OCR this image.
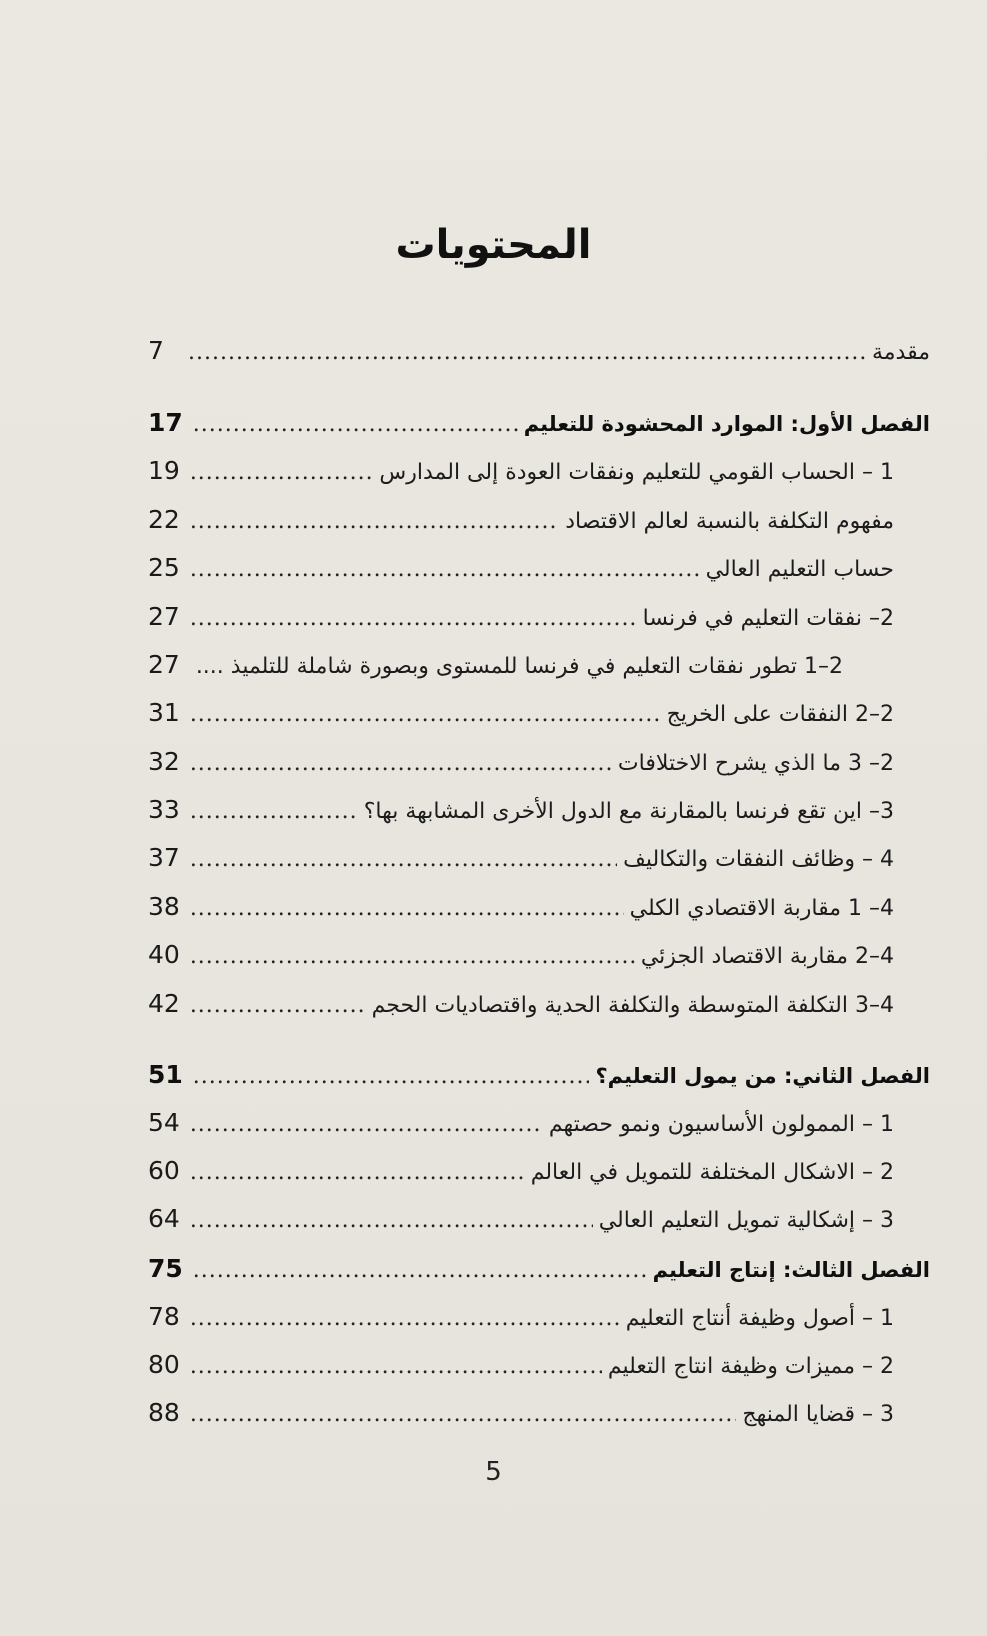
المحتويات
7 .....	مقدمة
17 .....	الفصل الأول: الموارد المحشودة للتعليم
19 .....	1 – الحساب القومي للتعليم ونفقات العودة إلى المدارس
22 .....	مفهوم التكلفة بالنسبة لعالم الاقتصاد
25 .....	حساب التعليم العالي
27 .....	2– نفقات التعليم في فرنسا
27 2–1 تطور نفقات التعليم في فرنسا للمستوى وبصورة شاملة للتلميذ ....
31 .....	2–2 النفقات على الخريج
32 .....	2– 3 ما الذي يشرح الاختلافات
33 .....	3– اين تقع فرنسا بالمقارنة مع الدول الأخرى المشابهة بها؟
37 .....	4 – وظائف النفقات والتكاليف
38 .....	4– 1 مقاربة الاقتصادي الكلي
40 .....	4–2 مقاربة الاقتصاد الجزئي
42 .....	4–3 التكلفة المتوسطة والتكلفة الحدية واقتصاديات الحجم
51 .....	الفصل الثاني: من يمول التعليم؟
54 .....	1 – الممولون الأساسيون ونمو حصتهم
60 .....	2 – الاشكال المختلفة للتمويل في العالم
64 .....	3 – إشكالية تمويل التعليم العالي
75 .....	الفصل الثالث: إنتاج التعليم
78 .....	1 – أصول وظيفة أنتاج التعليم
80 .....	2 – مميزات وظيفة انتاج التعليم
88 .....	3 – قضايا المنهج
5
